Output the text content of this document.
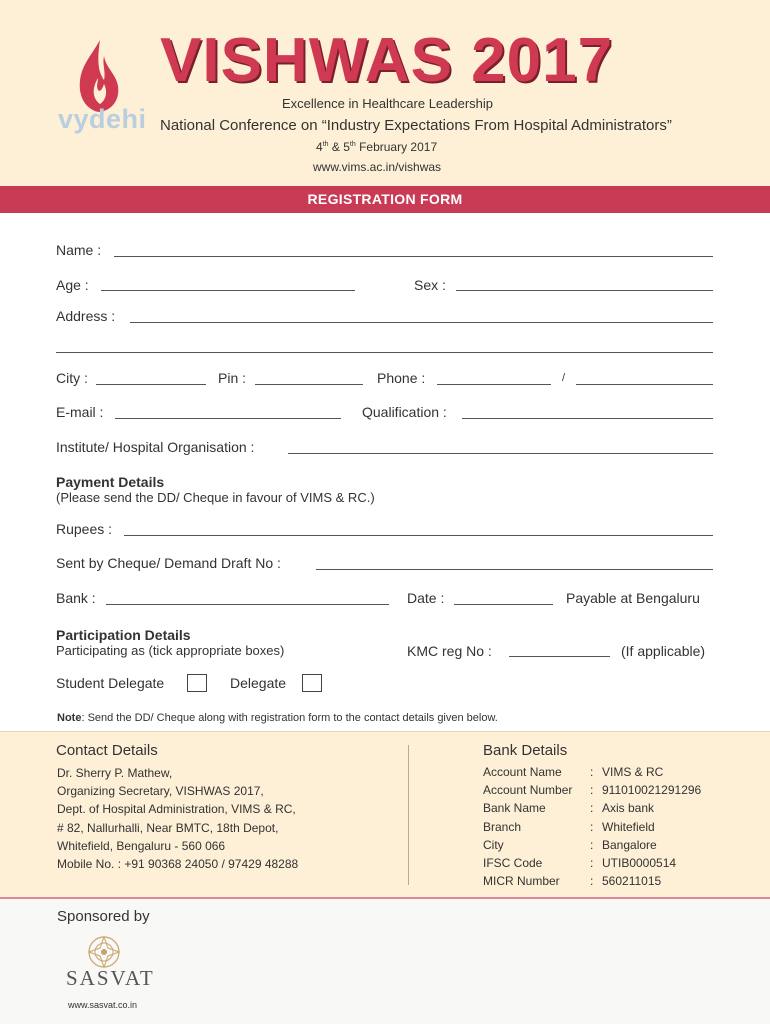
vydehi
VISHWAS 2017
Excellence in Healthcare Leadership
National Conference on “Industry Expectations From Hospital Administrators”
4th & 5th February 2017
www.vims.ac.in/vishwas
REGISTRATION FORM
Name :
Age :	Sex :
Address :
City :	Pin :	Phone :	/
E-mail :	Qualification :
Institute/ Hospital Organisation :
Payment Details
(Please send the DD/ Cheque in favour of VIMS & RC.)
Rupees :
Sent by Cheque/ Demand Draft No :
Bank :	Date :	Payable at Bengaluru
Participation Details
Participating as (tick appropriate boxes)	KMC reg No :	(If applicable)
Student Delegate	Delegate
Note: Send the DD/ Cheque along with registration form to the contact details given below.
Contact Details
Dr. Sherry P. Mathew,
Organizing Secretary, VISHWAS 2017,
Dept. of Hospital Administration, VIMS & RC,
# 82, Nallurhalli, Near BMTC, 18th Depot,
Whitefield, Bengaluru - 560 066
Mobile No. : +91 90368 24050 / 97429 48288
Bank Details
Account Name : VIMS & RC
Account Number : 911010021291296
Bank Name	: Axis bank
Branch	: Whitefield
City	: Bangalore
IFSC Code	: UTIB0000514
MICR Number	: 560211015
Sponsored by
SASVAT
www.sasvat.co.in
